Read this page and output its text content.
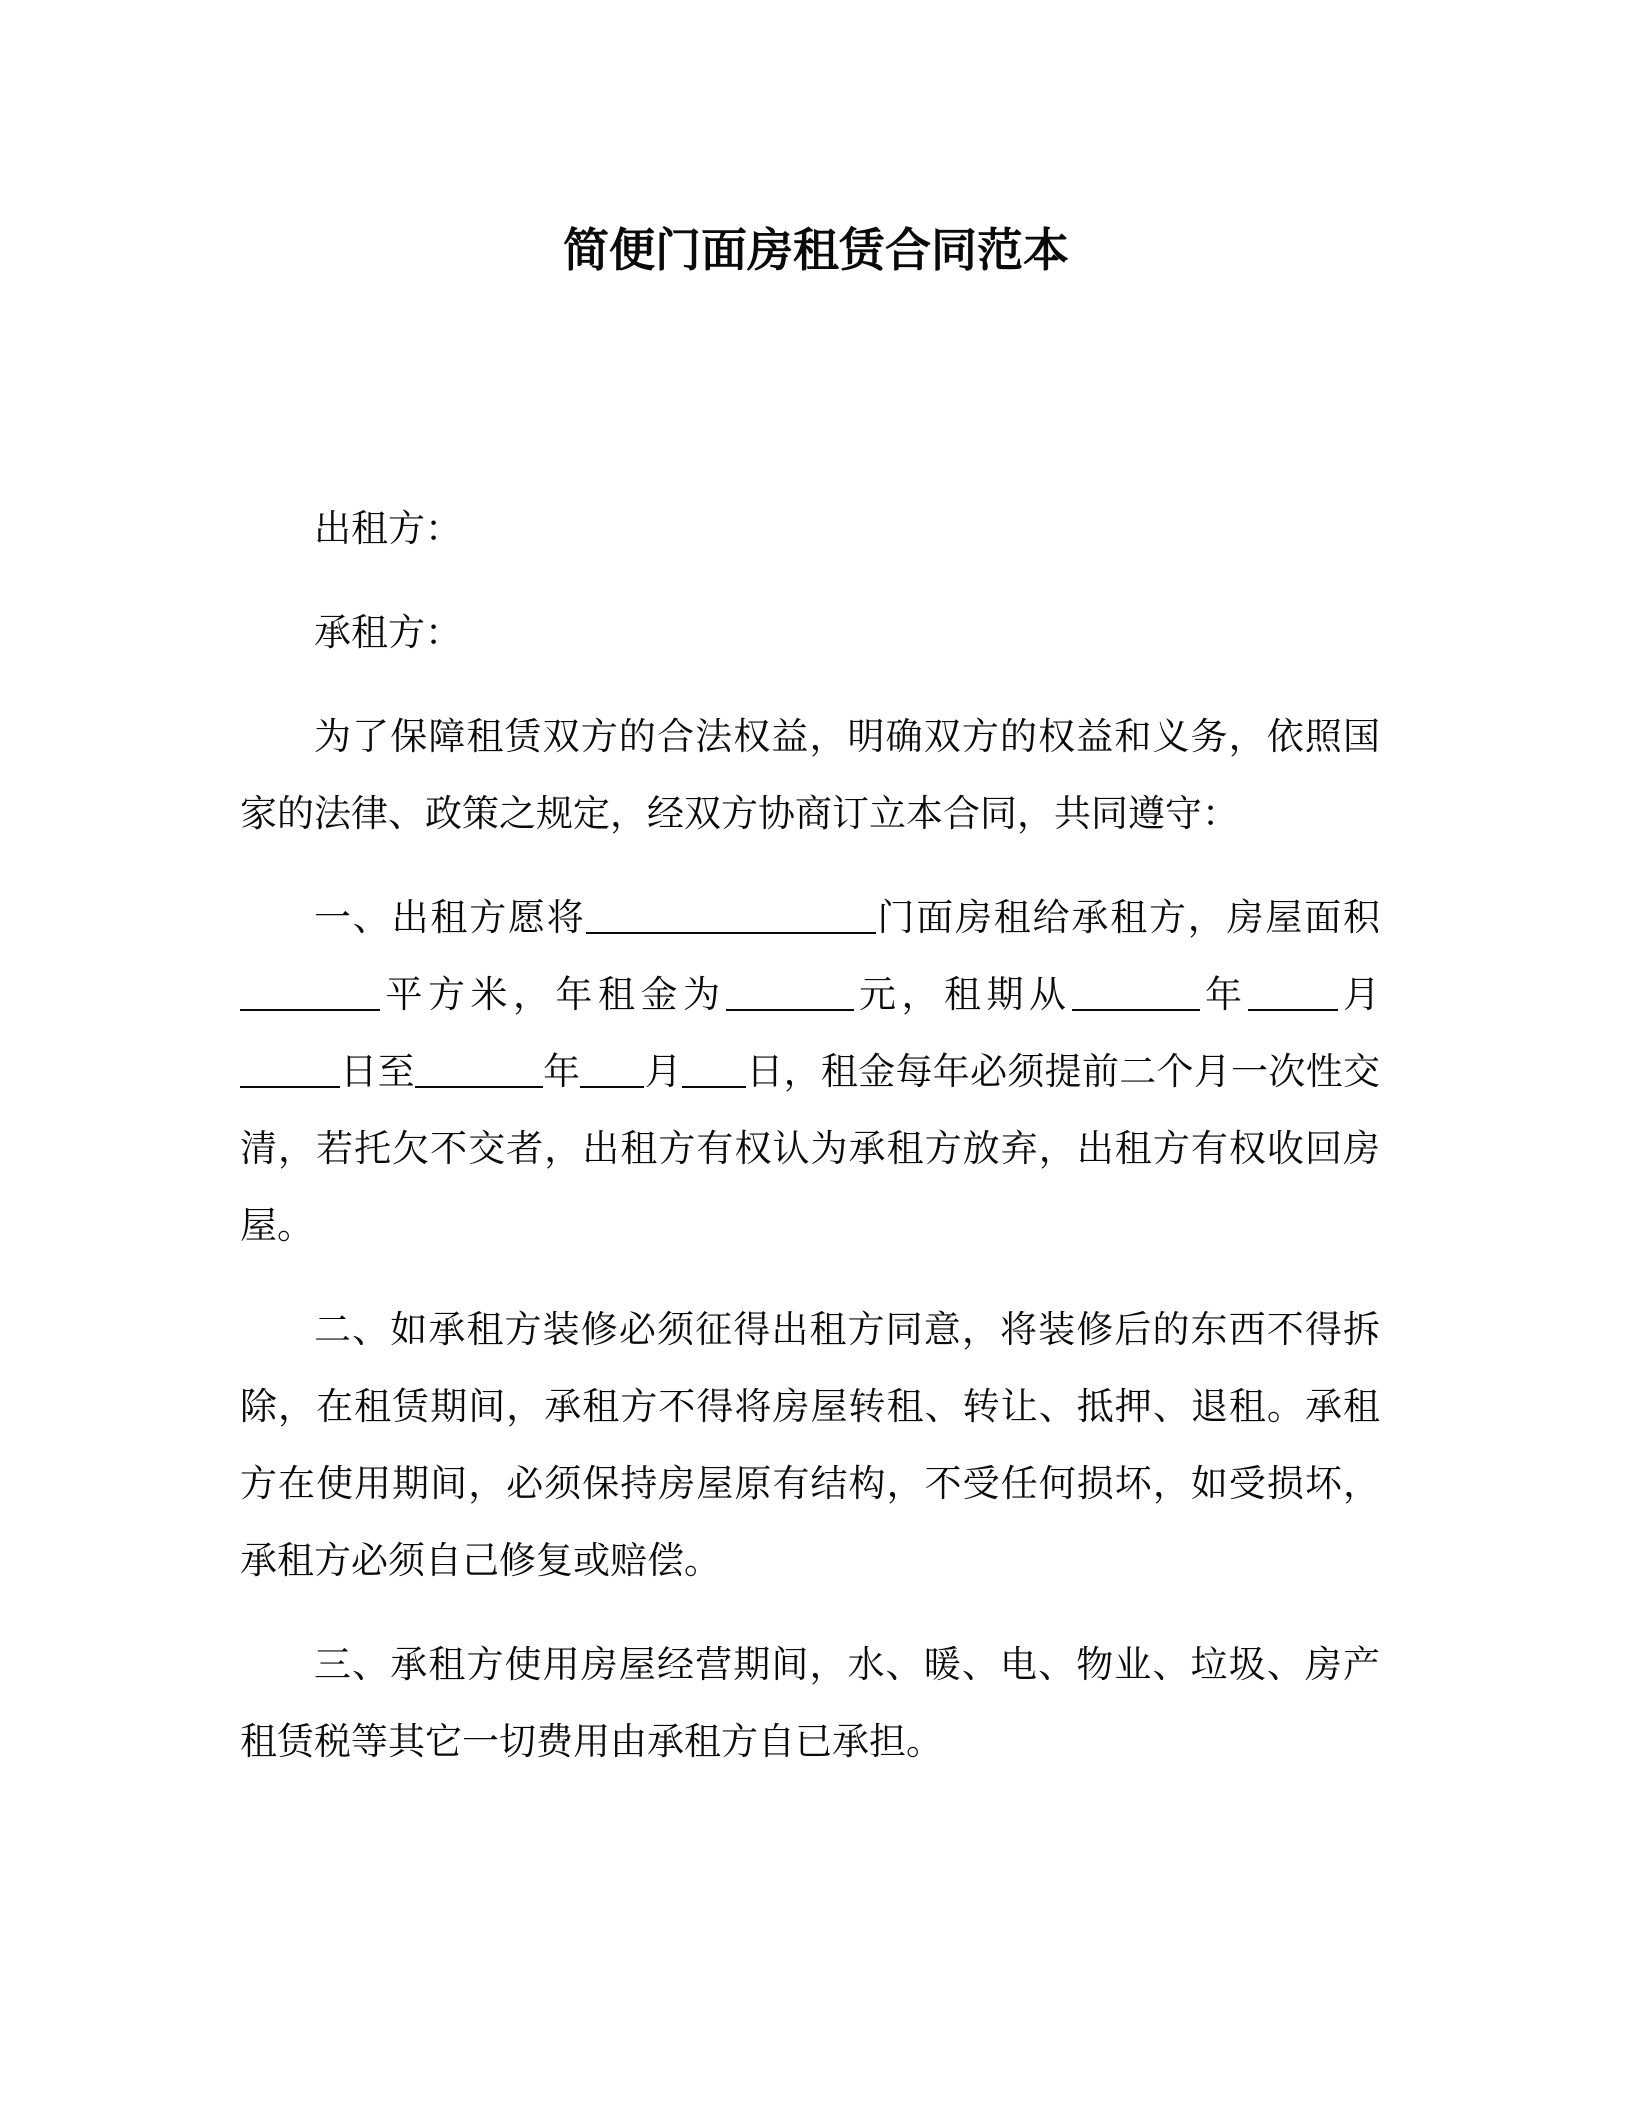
简便门面房租赁合同范本

出租方：

承租方：

为了保障租赁双方的合法权益，明确双方的权益和义务，依照国家的法律、政策之规定，经双方协商订立本合同，共同遵守：

一、出租方愿将	门面房租给承租方，房屋面积平方米，年租金为	元，租期从	年 月日至	年 月 日，租金每年必须提前二个月一次性交清，若托欠不交者，出租方有权认为承租方放弃，出租方有权收回房屋。

二、如承租方装修必须征得出租方同意，将装修后的东西不得拆除，在租赁期间，承租方不得将房屋转租、转让、抵押、退租。承租方在使用期间，必须保持房屋原有结构，不受任何损坏，如受损坏，承租方必须自己修复或赔偿。

三、承租方使用房屋经营期间，水、暖、电、物业、垃圾、房产租赁税等其它一切费用由承租方自已承担。
